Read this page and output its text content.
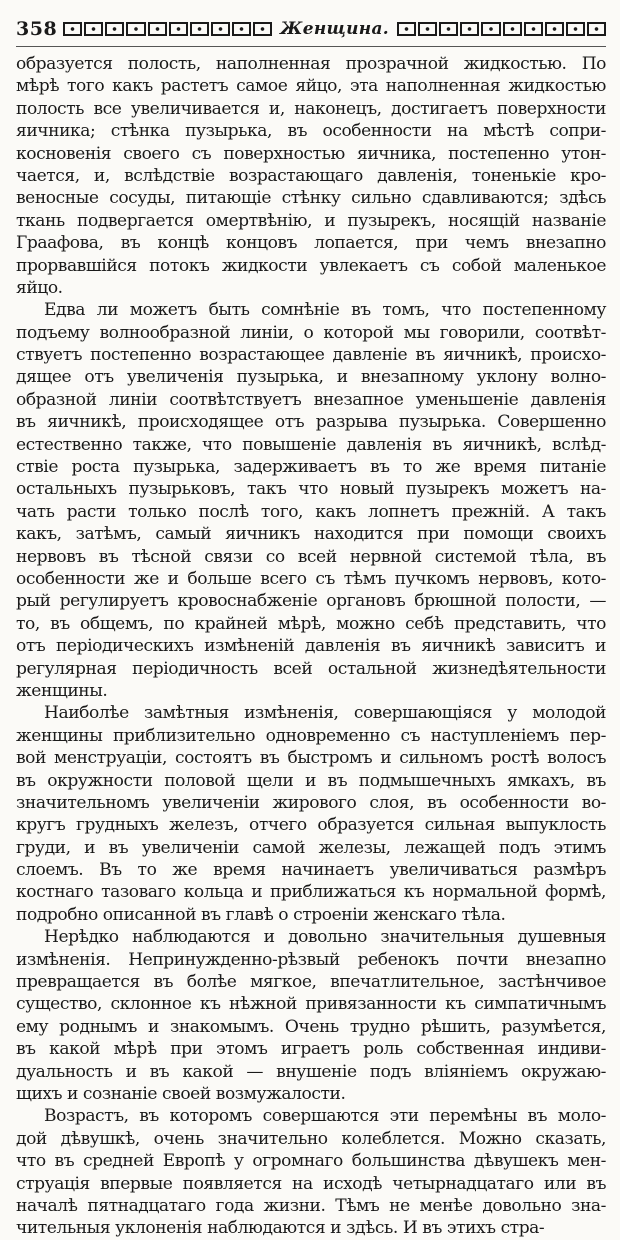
358	Женщина.
образуется полость, наполненная прозрачной жидкостью. По
мѣрѣ того какъ растетъ самое яйцо, эта наполненная жидкостью
полость все увеличивается и, наконецъ, достигаетъ поверхности
яичника; стѣнка пузырька, въ особенности на мѣстѣ сопри-
косновенія своего съ поверхностью яичника, постепенно утон-
чается, и, вслѣдствіе возрастающаго давленія, тоненькіе кро-
веносные сосуды, питающіе стѣнку сильно сдавливаются; здѣсь
ткань подвергается омертвѣнію, и пузырекъ, носящій названіе
Граафова, въ концѣ концовъ лопается, при чемъ внезапно
прорвавшійся потокъ жидкости увлекаетъ съ собой маленькое
яйцо.
Едва ли можетъ быть сомнѣніе въ томъ, что постепенному
подъему волнообразной линіи, о которой мы говорили, соотвѣт-
ствуетъ постепенно возрастающее давленіе въ яичникѣ, происхо-
дящее отъ увеличенія пузырька, и внезапному уклону волно-
образной линіи соотвѣтствуетъ внезапное уменьшеніе давленія
въ яичникѣ, происходящее отъ разрыва пузырька. Совершенно
естественно также, что повышеніе давленія въ яичникѣ, вслѣд-
ствіе роста пузырька, задерживаетъ въ то же время питаніе
остальныхъ пузырьковъ, такъ что новый пузырекъ можетъ на-
чать расти только послѣ того, какъ лопнетъ прежній. А такъ
какъ, затѣмъ, самый яичникъ находится при помощи своихъ
нервовъ въ тѣсной связи со всей нервной системой тѣла, въ
особенности же и больше всего съ тѣмъ пучкомъ нервовъ, кото-
рый регулируетъ кровоснабженіе органовъ брюшной полости, —
то, въ общемъ, по крайней мѣрѣ, можно себѣ представить, что
отъ періодическихъ измѣненій давленія въ яичникѣ зависитъ и
регулярная періодичность всей остальной жизнедѣятельности
женщины.
Наиболѣе замѣтныя измѣненія, совершающіяся у молодой
женщины приблизительно одновременно съ наступленіемъ пер-
вой менструаціи, состоятъ въ быстромъ и сильномъ ростѣ волосъ
въ окружности половой щели и въ подмышечныхъ ямкахъ, въ
значительномъ увеличеніи жирового слоя, въ особенности во-
кругъ грудныхъ железъ, отчего образуется сильная выпуклость
груди, и въ увеличеніи самой железы, лежащей подъ этимъ
слоемъ. Въ то же время начинаетъ увеличиваться размѣръ
костнаго тазоваго кольца и приближаться къ нормальной формѣ,
подробно описанной въ главѣ о строеніи женскаго тѣла.
Нерѣдко наблюдаются и довольно значительныя душевныя
измѣненія. Непринужденно-рѣзвый ребенокъ почти внезапно
превращается въ болѣе мягкое, впечатлительное, застѣнчивое
существо, склонное къ нѣжной привязанности къ симпатичнымъ
ему роднымъ и знакомымъ. Очень трудно рѣшить, разумѣется,
въ какой мѣрѣ при этомъ играетъ роль собственная индиви-
дуальность и въ какой — внушеніе подъ вліяніемъ окружаю-
щихъ и сознаніе своей возмужалости.
Возрастъ, въ которомъ совершаются эти перемѣны въ моло-
дой дѣвушкѣ, очень значительно колеблется. Можно сказать,
что въ средней Европѣ у огромнаго большинства дѣвушекъ мен-
струація впервые появляется на исходѣ четырнадцатаго или въ
началѣ пятнадцатаго года жизни. Тѣмъ не менѣе довольно зна-
чительныя уклоненія наблюдаются и здѣсь. И въ этихъ стра-
